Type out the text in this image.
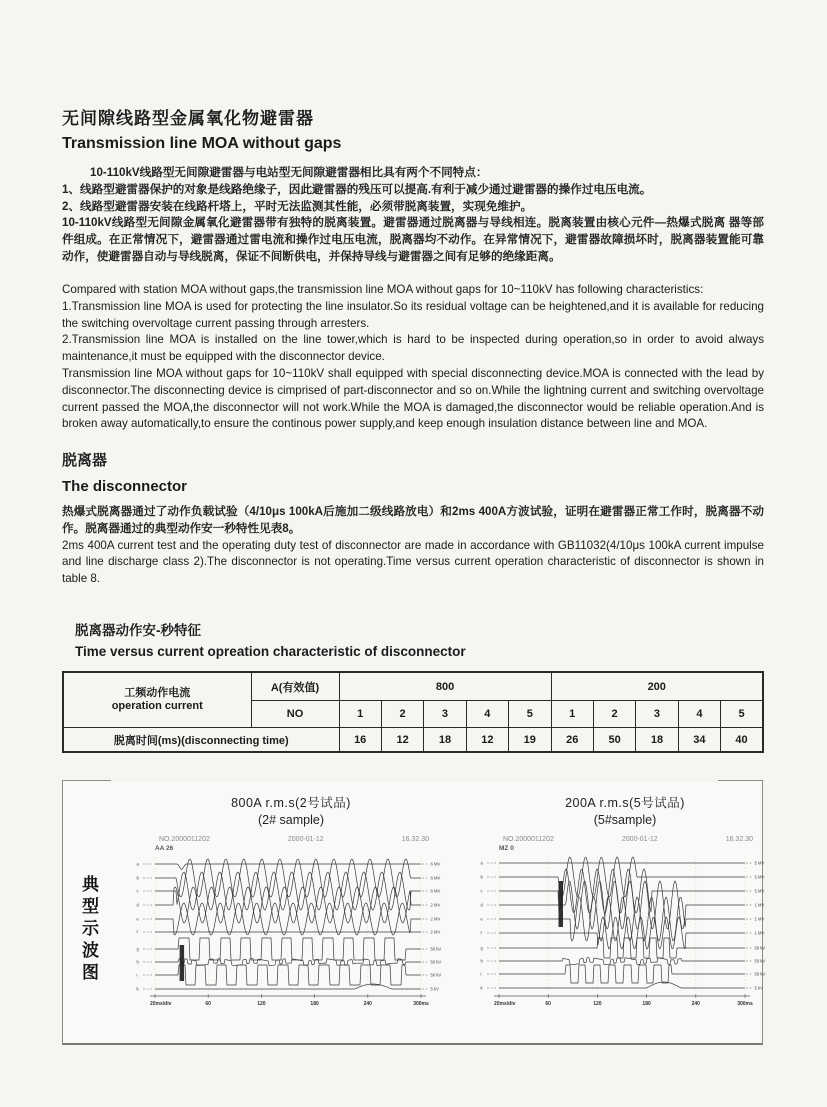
无间隙线路型金属氧化物避雷器
Transmission line MOA without gaps

10-110kV线路型无间隙避雷器与电站型无间隙避雷器相比具有两个不同特点：

1、线路型避雷器保护的对象是线路绝缘子，因此避雷器的残压可以提高.有利于减少通过避雷器的操作过电压电流。

2、线路型避雷器安装在线路杆塔上，平时无法监测其性能，必须带脱离装置，实现免维护。

10-110kV线路型无间隙金属氧化避雷器带有独特的脱离装置。避雷器通过脱离器与导线相连。脱离装置由核心元件—热爆式脱离 器等部件组成。在正常情况下，避雷器通过雷电流和操作过电压电流，脱离器均不动作。在异常情况下，避雷器故障损坏时，脱离器装置能可靠动作，使避雷器自动与导线脱离，保证不间断供电，并保持导线与避雷器之间有足够的绝缘距离。

Compared with station MOA without gaps,the transmission line MOA without gaps for 10~110kV has following characteristics:

1.Transmission line MOA is used for protecting the line insulator.So its residual voltage can be heightened,and it is available for reducing the switching overvoltage current passing through arresters.

2.Transmission line MOA is installed on the line tower,which is hard to be inspected during operation,so in order to avoid always maintenance,it must be equipped with the disconnector device.

Transmission line MOA without gaps for 10~110kV shall equipped with special disconnecting device.MOA is connected with the lead by disconnector.The disconnecting device is cimprised of part-disconnector and so on.While the lightning current and switching overvoltage current passed the MOA,the disconnector will not work.While the MOA is damaged,the disconnector would be reliable operation.And is broken away automatically,to ensure the continous power supply,and keep enough insulation distance between line and MOA.

脱离器
The disconnector

热爆式脱离器通过了动作负载试验（4/10μs 100kA后施加二级线路放电）和2ms 400A方波试验，证明在避雷器正常工作时，脱离器不动作。脱离器通过的典型动作安一秒特性见表8。

2ms 400A current test and the operating duty test of disconnector are made in accordance with GB11032(4/10μs 100kA current impulse and line discharge class 2).The disconnector is not operating.Time versus current operation characteristic of disconnector is shown in table 8.

脱离器动作安-秒特征
Time versus current opreation characteristic of disconnector
工频动作电流
operation current	A(有效值)	800					200				
	NO	1	2	3	4	5	1	2	3	4	5
脱离时间(ms)(disconnecting time)		16	12	18	12	19	26	50	18	34	40
典型示波图

800A r.m.s(2号试品)

(2# sample)

NO.2000011202	2000-01-12	16.32.30
AA 26
a	6 MV
b	6 MV
c	6 MV
d	2 MV
e	2 MV
f	2 MV
g	50 kV
h	50 kV
i	50 kV
k	5 kV
20ms/div	60	120	180	240	300ms

200A r.m.s(5号试品)

(5#sample)

NO.2000011202	2000-01-12	16.32.30
MZ 0
a	5 MV
b	5 MV
c	5 MV
d	1 MV
e	1 MV
f	1 MV
g	50 kV
h	50 kV
i	50 kV
k	5 kV
20ms/div	60	120	180	240	300ms
